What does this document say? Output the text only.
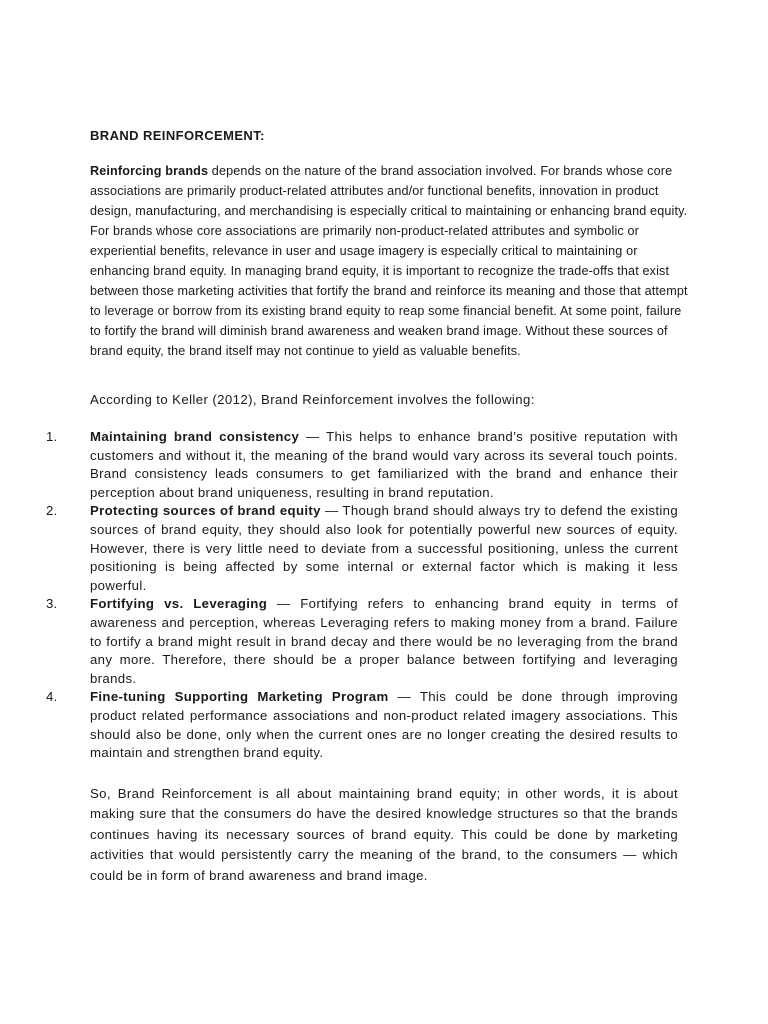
BRAND REINFORCEMENT:

Reinforcing brands depends on the nature of the brand association involved. For brands whose core associations are primarily product-related attributes and/or functional benefits, innovation in product design, manufacturing, and merchandising is especially critical to maintaining or enhancing brand equity. For brands whose core associations are primarily non-product-related attributes and symbolic or experiential benefits, relevance in user and usage imagery is especially critical to maintaining or enhancing brand equity. In managing brand equity, it is important to recognize the trade-offs that exist between those marketing activities that fortify the brand and reinforce its meaning and those that attempt to leverage or borrow from its existing brand equity to reap some financial benefit. At some point, failure to fortify the brand will diminish brand awareness and weaken brand image. Without these sources of brand equity, the brand itself may not continue to yield as valuable benefits.

According to Keller (2012), Brand Reinforcement involves the following:

1. Maintaining brand consistency — This helps to enhance brand’s positive reputation with customers and without it, the meaning of the brand would vary across its several touch points. Brand consistency leads consumers to get familiarized with the brand and enhance their perception about brand uniqueness, resulting in brand reputation.
2. Protecting sources of brand equity — Though brand should always try to defend the existing sources of brand equity, they should also look for potentially powerful new sources of equity. However, there is very little need to deviate from a successful positioning, unless the current positioning is being affected by some internal or external factor which is making it less powerful.
3. Fortifying vs. Leveraging — Fortifying refers to enhancing brand equity in terms of awareness and perception, whereas Leveraging refers to making money from a brand. Failure to fortify a brand might result in brand decay and there would be no leveraging from the brand any more. Therefore, there should be a proper balance between fortifying and leveraging brands.
4. Fine-tuning Supporting Marketing Program — This could be done through improving product related performance associations and non-product related imagery associations. This should also be done, only when the current ones are no longer creating the desired results to maintain and strengthen brand equity.

So, Brand Reinforcement is all about maintaining brand equity; in other words, it is about making sure that the consumers do have the desired knowledge structures so that the brands continues having its necessary sources of brand equity. This could be done by marketing activities that would persistently carry the meaning of the brand, to the consumers — which could be in form of brand awareness and brand image.
